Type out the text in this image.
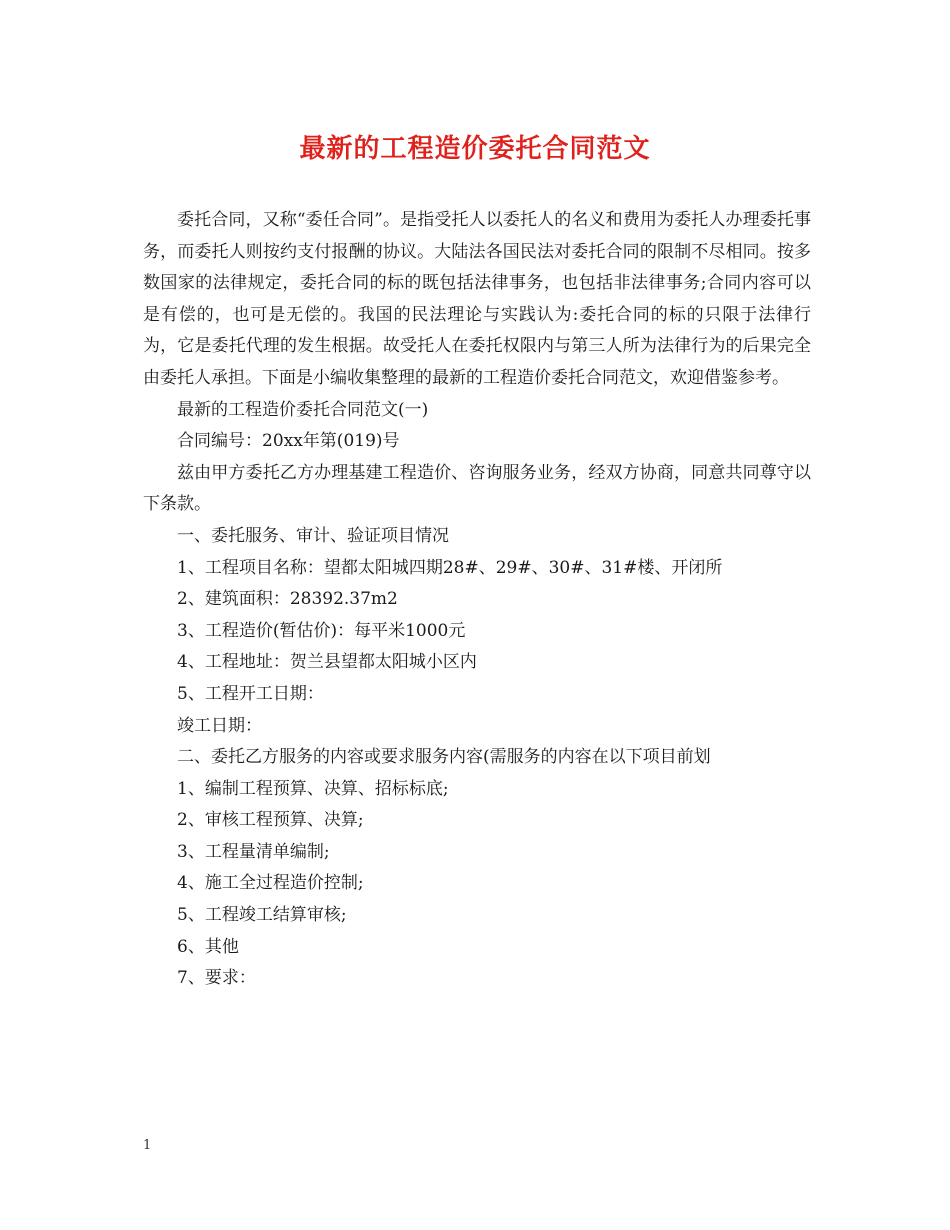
最新的工程造价委托合同范文

委托合同，又称“委任合同”。是指受托人以委托人的名义和费用为委托人办理委托事务，而委托人则按约支付报酬的协议。大陆法各国民法对委托合同的限制不尽相同。按多数国家的法律规定，委托合同的标的既包括法律事务，也包括非法律事务;合同内容可以是有偿的，也可是无偿的。我国的民法理论与实践认为:委托合同的标的只限于法律行为，它是委托代理的发生根据。故受托人在委托权限内与第三人所为法律行为的后果完全由委托人承担。下面是小编收集整理的最新的工程造价委托合同范文，欢迎借鉴参考。

最新的工程造价委托合同范文(一)

合同编号：20xx年第(019)号

兹由甲方委托乙方办理基建工程造价、咨询服务业务，经双方协商，同意共同尊守以下条款。

一、委托服务、审计、验证项目情况

1、工程项目名称：望都太阳城四期28#、29#、30#、31#楼、开闭所

2、建筑面积：28392.37m2

3、工程造价(暂估价)：每平米1000元

4、工程地址：贺兰县望都太阳城小区内

5、工程开工日期：

竣工日期：

二、委托乙方服务的内容或要求服务内容(需服务的内容在以下项目前划

1、编制工程预算、决算、招标标底;

2、审核工程预算、决算;

3、工程量清单编制;

4、施工全过程造价控制;

5、工程竣工结算审核;

6、其他

7、要求：

1
